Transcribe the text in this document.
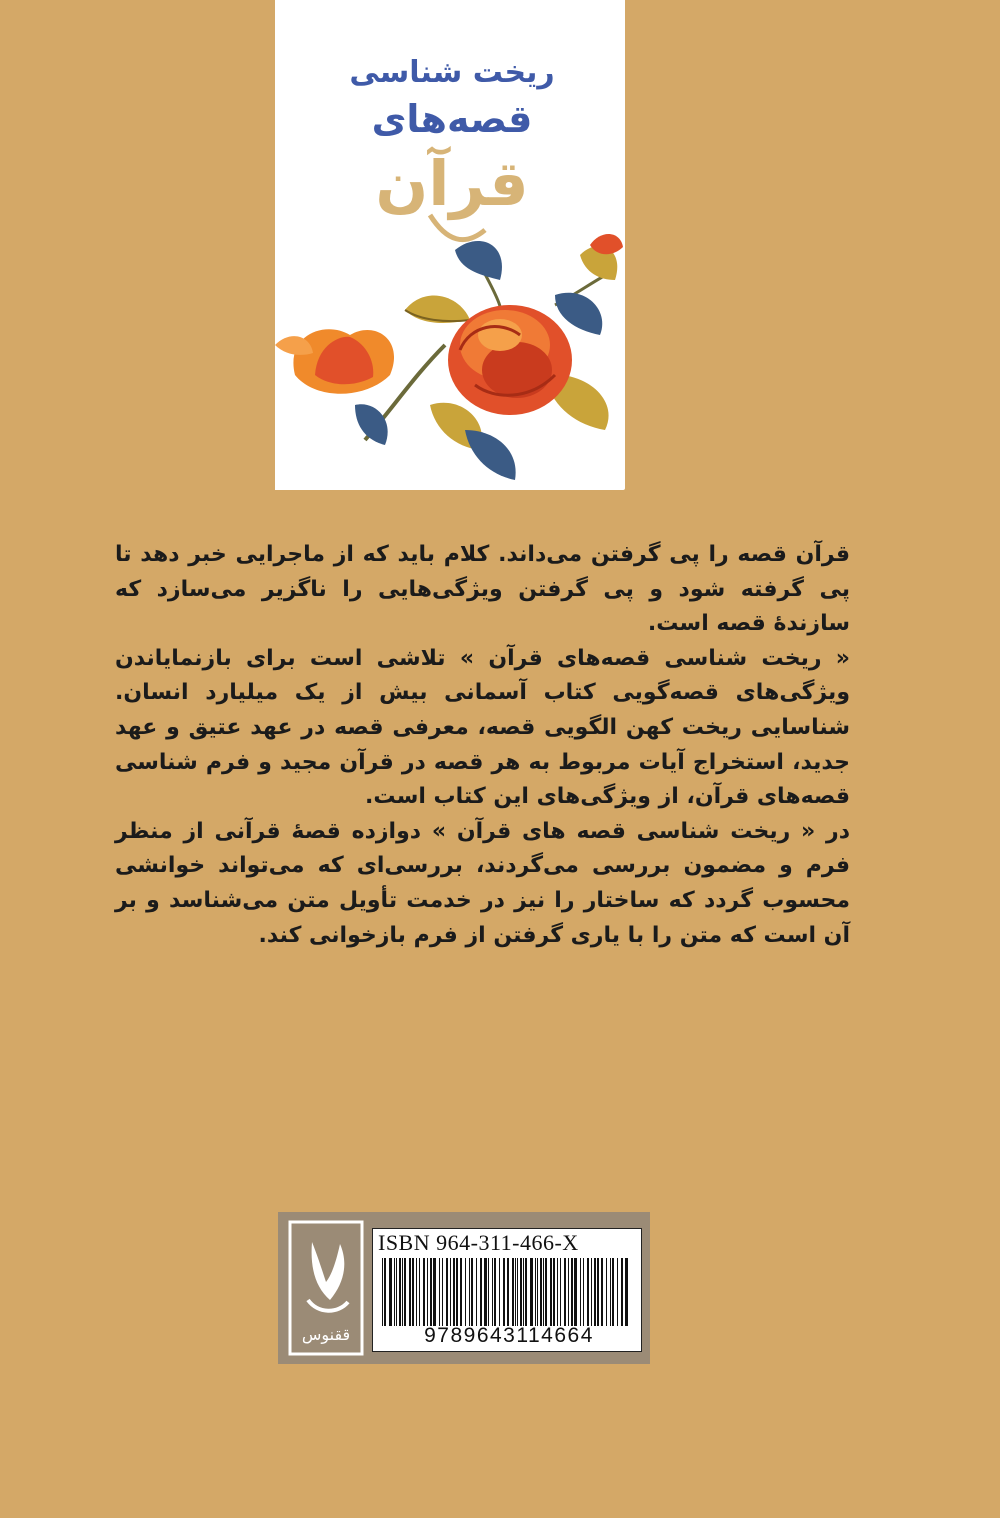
ریخت شناسی
قصه‌های
قرآن

قرآن قصه را پی گرفتن می‌داند. کلام باید که از ماجرایی خبر دهد تا پی گرفته شود و پی گرفتن ویژگی‌هایی را ناگزیر می‌سازد که سازندهٔ قصه است.

« ریخت شناسی قصه‌های قرآن » تلاشی است برای بازنمایاندن ویژگی‌های قصه‌گویی کتاب آسمانی بیش از یک میلیارد انسان. شناسایی ریخت کهن الگویی قصه، معرفی قصه در عهد عتیق و عهد جدید، استخراج آیات مربوط به هر قصه در قرآن مجید و فرم شناسی قصه‌های قرآن، از ویژگی‌های این کتاب است.

در « ریخت شناسی قصه های قرآن » دوازده قصهٔ قرآنی از منظر فرم و مضمون بررسی می‌گردند، بررسی‌ای که می‌تواند خوانشی محسوب گردد که ساختار را نیز در خدمت تأویل متن می‌شناسد و بر آن است که متن را با یاری گرفتن از فرم بازخوانی کند.

ققنوس
ISBN 964-311-466-X
9789643114664
